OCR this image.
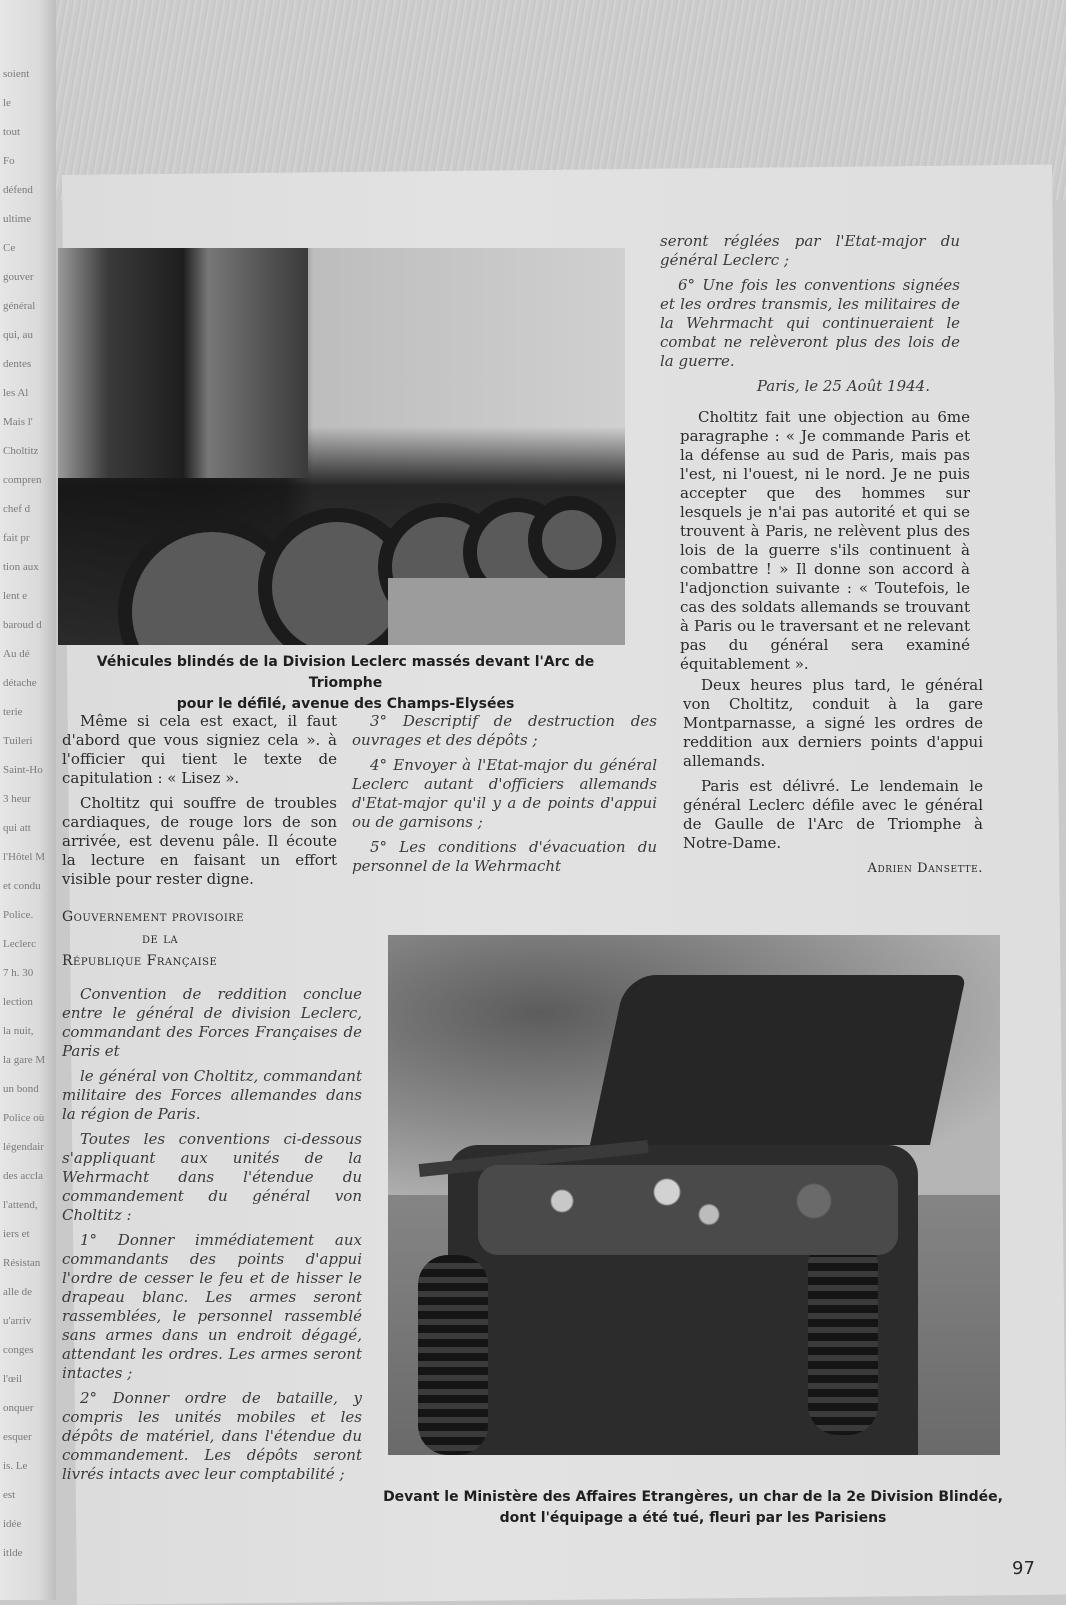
Véhicules blindés de la Division Leclerc massés devant l'Arc de Triomphe
pour le défilé, avenue des Champs-Elysées

seront réglées par l'Etat-major du général Leclerc ;

6° Une fois les conventions signées et les ordres transmis, les militaires de la Wehrmacht qui continueraient le combat ne relèveront plus des lois de la guerre.

Paris, le 25 Août 1944.

Choltitz fait une objection au 6me paragraphe : « Je commande Paris et la défense au sud de Paris, mais pas l'est, ni l'ouest, ni le nord. Je ne puis accepter que des hommes sur lesquels je n'ai pas autorité et qui se trouvent à Paris, ne relèvent plus des lois de la guerre s'ils continuent à combattre ! » Il donne son accord à l'adjonction suivante : « Toutefois, le cas des soldats allemands se trouvant à Paris ou le traversant et ne relevant pas du général sera examiné équitablement ».

Deux heures plus tard, le général von Choltitz, conduit à la gare Montparnasse, a signé les ordres de reddition aux derniers points d'appui allemands.

Paris est délivré. Le lendemain le général Leclerc défile avec le général de Gaulle de l'Arc de Triomphe à Notre-Dame.

Adrien Dansette.

3° Descriptif de destruction des ouvrages et des dépôts ;

4° Envoyer à l'Etat-major du général Leclerc autant d'officiers allemands d'Etat-major qu'il y a de points d'appui ou de garnisons ;

5° Les conditions d'évacuation du personnel de la Wehrmacht

Même si cela est exact, il faut d'abord que vous signiez cela ». à l'officier qui tient le texte de capitulation : « Lisez ».

Choltitz qui souffre de troubles cardiaques, de rouge lors de son arrivée, est devenu pâle. Il écoute la lecture en faisant un effort visible pour rester digne.

Gouvernement provisoire
de la
République Française

Convention de reddition conclue entre le général de division Leclerc, commandant des Forces Françaises de Paris et

le général von Choltitz, commandant militaire des Forces allemandes dans la région de Paris.

Toutes les conventions ci-dessous s'appliquant aux unités de la Wehrmacht dans l'étendue du commandement du général von Choltitz :

1° Donner immédiatement aux commandants des points d'appui l'ordre de cesser le feu et de hisser le drapeau blanc. Les armes seront rassemblées, le personnel rassemblé sans armes dans un endroit dégagé, attendant les ordres. Les armes seront intactes ;

2° Donner ordre de bataille, y compris les unités mobiles et les dépôts de matériel, dans l'étendue du commandement. Les dépôts seront livrés intacts avec leur comptabilité ;

Devant le Ministère des Affaires Etrangères, un char de la 2e Division Blindée,
dont l'équipage a été tué, fleuri par les Parisiens
97
soient
le
tout
Fo
défend
ultime
Ce
gouver
général
qui, au
dentes
les Al
Mais l'
Choltitz
compren
chef d
fait pr
tion aux
lent e
baroud d
Au dé
détache
terie
Tuileri
Saint-Ho
3 heur
qui att
l'Hôtel M
et condu
Police.
Leclerc
7 h. 30
lection
la nuit,
la gare M
un bond
Police où
légendair
des accla
l'attend,
iers et
Résistan
alle de
u'arriv
conges
l'œil
onquer
esquer
is. Le
est
idée
itlde
